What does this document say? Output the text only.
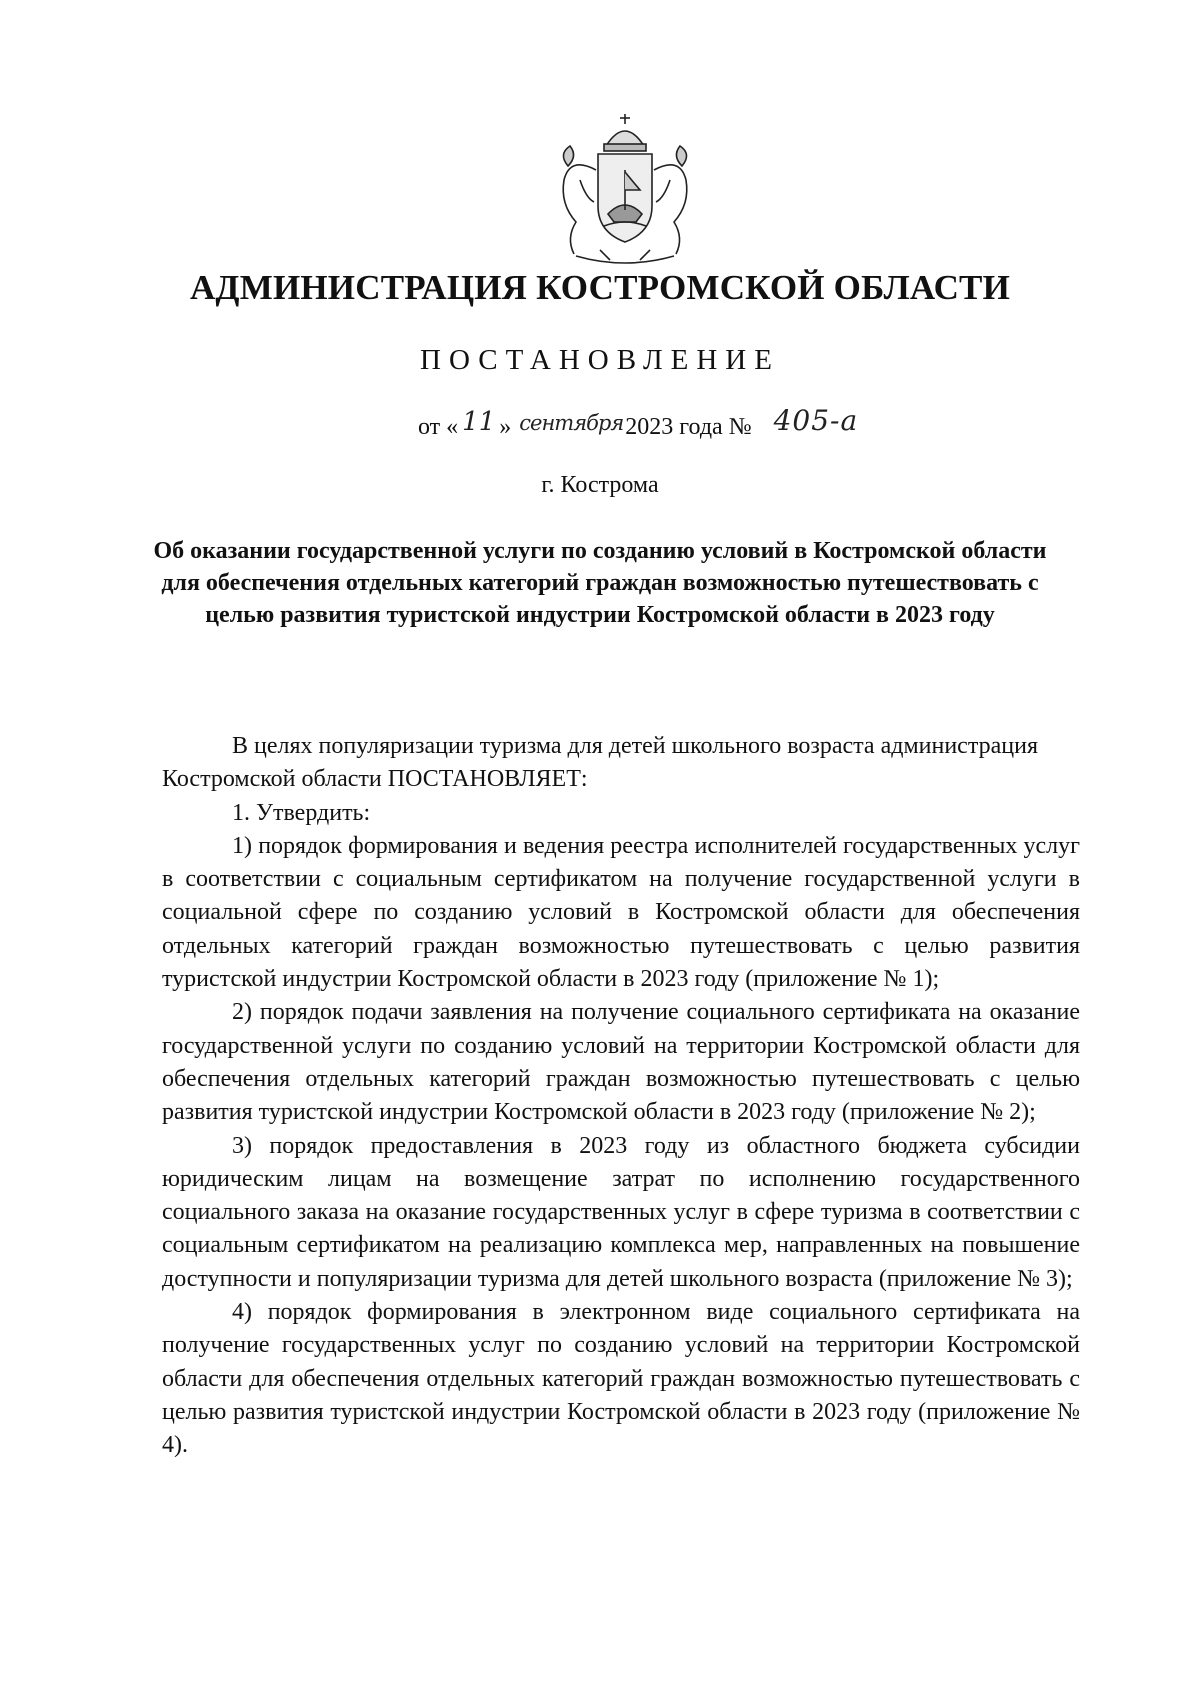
АДМИНИСТРАЦИЯ КОСТРОМСКОЙ ОБЛАСТИ
ПОСТАНОВЛЕНИЕ
от « 11 » сентября2023 года № 405-а
г. Кострома
Об оказании государственной услуги по созданию условий в Костромской области для обеспечения отдельных категорий граждан возможностью путешествовать с целью развития туристской индустрии Костромской области в 2023 году

В целях популяризации туризма для детей школьного возраста администрация Костромской области ПОСТАНОВЛЯЕТ:

1. Утвердить:

1) порядок формирования и ведения реестра исполнителей государственных услуг в соответствии с социальным сертификатом на получение государственной услуги в социальной сфере по созданию условий в Костромской области для обеспечения отдельных категорий граждан возможностью путешествовать с целью развития туристской индустрии Костромской области в 2023 году (приложение № 1);

2) порядок подачи заявления на получение социального сертификата на оказание государственной услуги по созданию условий на территории Костромской области для обеспечения отдельных категорий граждан возможностью путешествовать с целью развития туристской индустрии Костромской области в 2023 году (приложение № 2);

3) порядок предоставления в 2023 году из областного бюджета субсидии юридическим лицам на возмещение затрат по исполнению государственного социального заказа на оказание государственных услуг в сфере туризма в соответствии с социальным сертификатом на реализацию комплекса мер, направленных на повышение доступности и популяризации туризма для детей школьного возраста (приложение № 3);

4) порядок формирования в электронном виде социального сертификата на получение государственных услуг по созданию условий на территории Костромской области для обеспечения отдельных категорий граждан возможностью путешествовать с целью развития туристской индустрии Костромской области в 2023 году (приложение № 4).
